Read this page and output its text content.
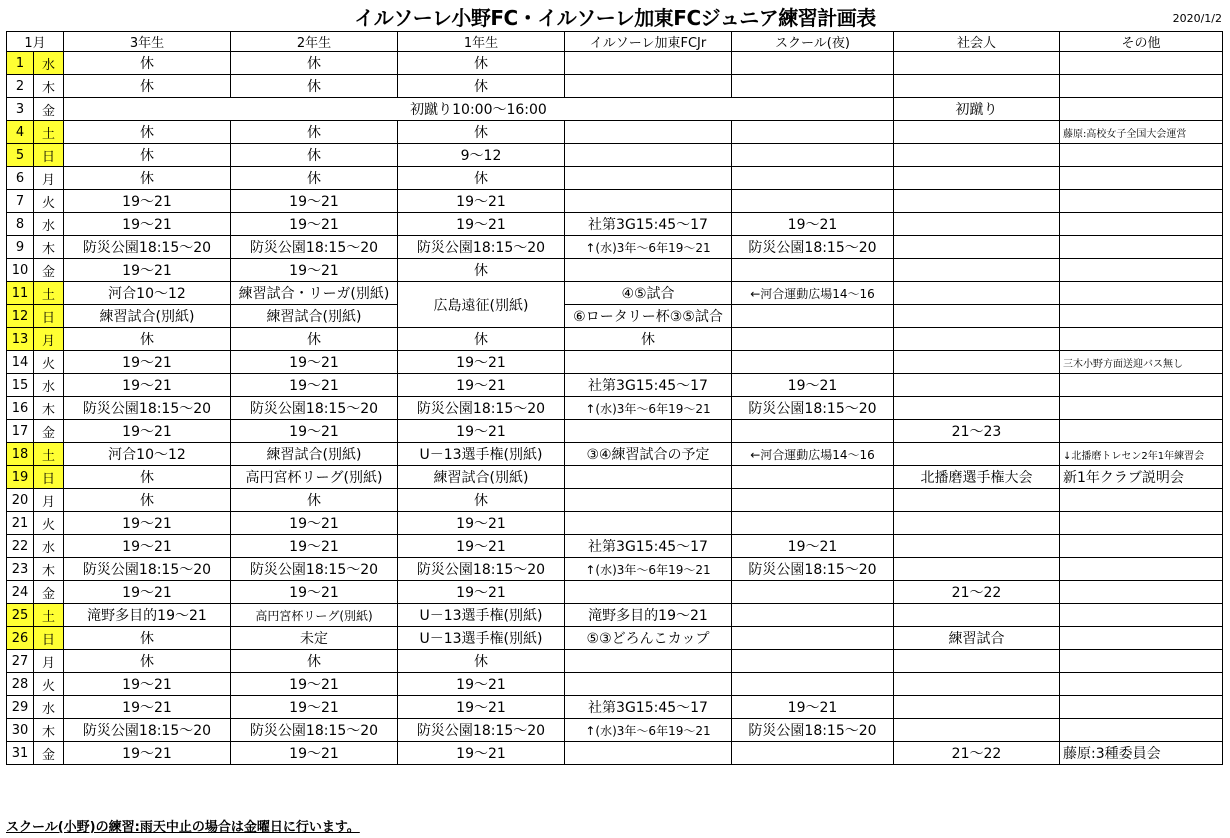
イルソーレ小野FC・イルソーレ加東FCジュニア練習計画表	2020/1/2
1月		3年生	2年生	1年生	イルソーレ加東FCJr	スクール(夜)	社会人	その他
1	水	休	休	休				
2	木	休	休	休				
3	金	初蹴り10:00～16:00					初蹴り	
4	土	休	休	休				藤原:高校女子全国大会運営
5	日	休	休	9～12				
6	月	休	休	休				
7	火	19～21	19～21	19～21				
8	水	19～21	19～21	19～21	社第3G15:45～17	19～21		
9	木	防災公園18:15～20	防災公園18:15～20	防災公園18:15～20	↑(水)3年～6年19～21	防災公園18:15～20		
10	金	19～21	19～21	休				
11	土	河合10～12	練習試合・リーガ(別紙)	広島遠征(別紙)	④⑤試合	←河合運動広場14～16		
12	日	練習試合(別紙)	練習試合(別紙)		⑥ロータリー杯③⑤試合			
13	月	休	休	休	休			
14	火	19～21	19～21	19～21				三木小野方面送迎バス無し
15	水	19～21	19～21	19～21	社第3G15:45～17	19～21		
16	木	防災公園18:15～20	防災公園18:15～20	防災公園18:15～20	↑(水)3年～6年19～21	防災公園18:15～20		
17	金	19～21	19～21	19～21			21～23	
18	土	河合10～12	練習試合(別紙)	U－13選手権(別紙)	③④練習試合の予定	←河合運動広場14～16		↓北播磨トレセン2年1年練習会
19	日	休	高円宮杯リーグ(別紙)	練習試合(別紙)			北播磨選手権大会	新1年クラブ説明会
20	月	休	休	休				
21	火	19～21	19～21	19～21				
22	水	19～21	19～21	19～21	社第3G15:45～17	19～21		
23	木	防災公園18:15～20	防災公園18:15～20	防災公園18:15～20	↑(水)3年～6年19～21	防災公園18:15～20		
24	金	19～21	19～21	19～21			21～22	
25	土	滝野多目的19～21	高円宮杯リーグ(別紙)	U－13選手権(別紙)	滝野多目的19～21			
26	日	休	未定	U－13選手権(別紙)	⑤③どろんこカップ		練習試合	
27	月	休	休	休				
28	火	19～21	19～21	19～21				
29	水	19～21	19～21	19～21	社第3G15:45～17	19～21		
30	木	防災公園18:15～20	防災公園18:15～20	防災公園18:15～20	↑(水)3年～6年19～21	防災公園18:15～20		
31	金	19～21	19～21	19～21			21～22	藤原:3種委員会
スクール(小野)の練習:雨天中止の場合は金曜日に行います。
